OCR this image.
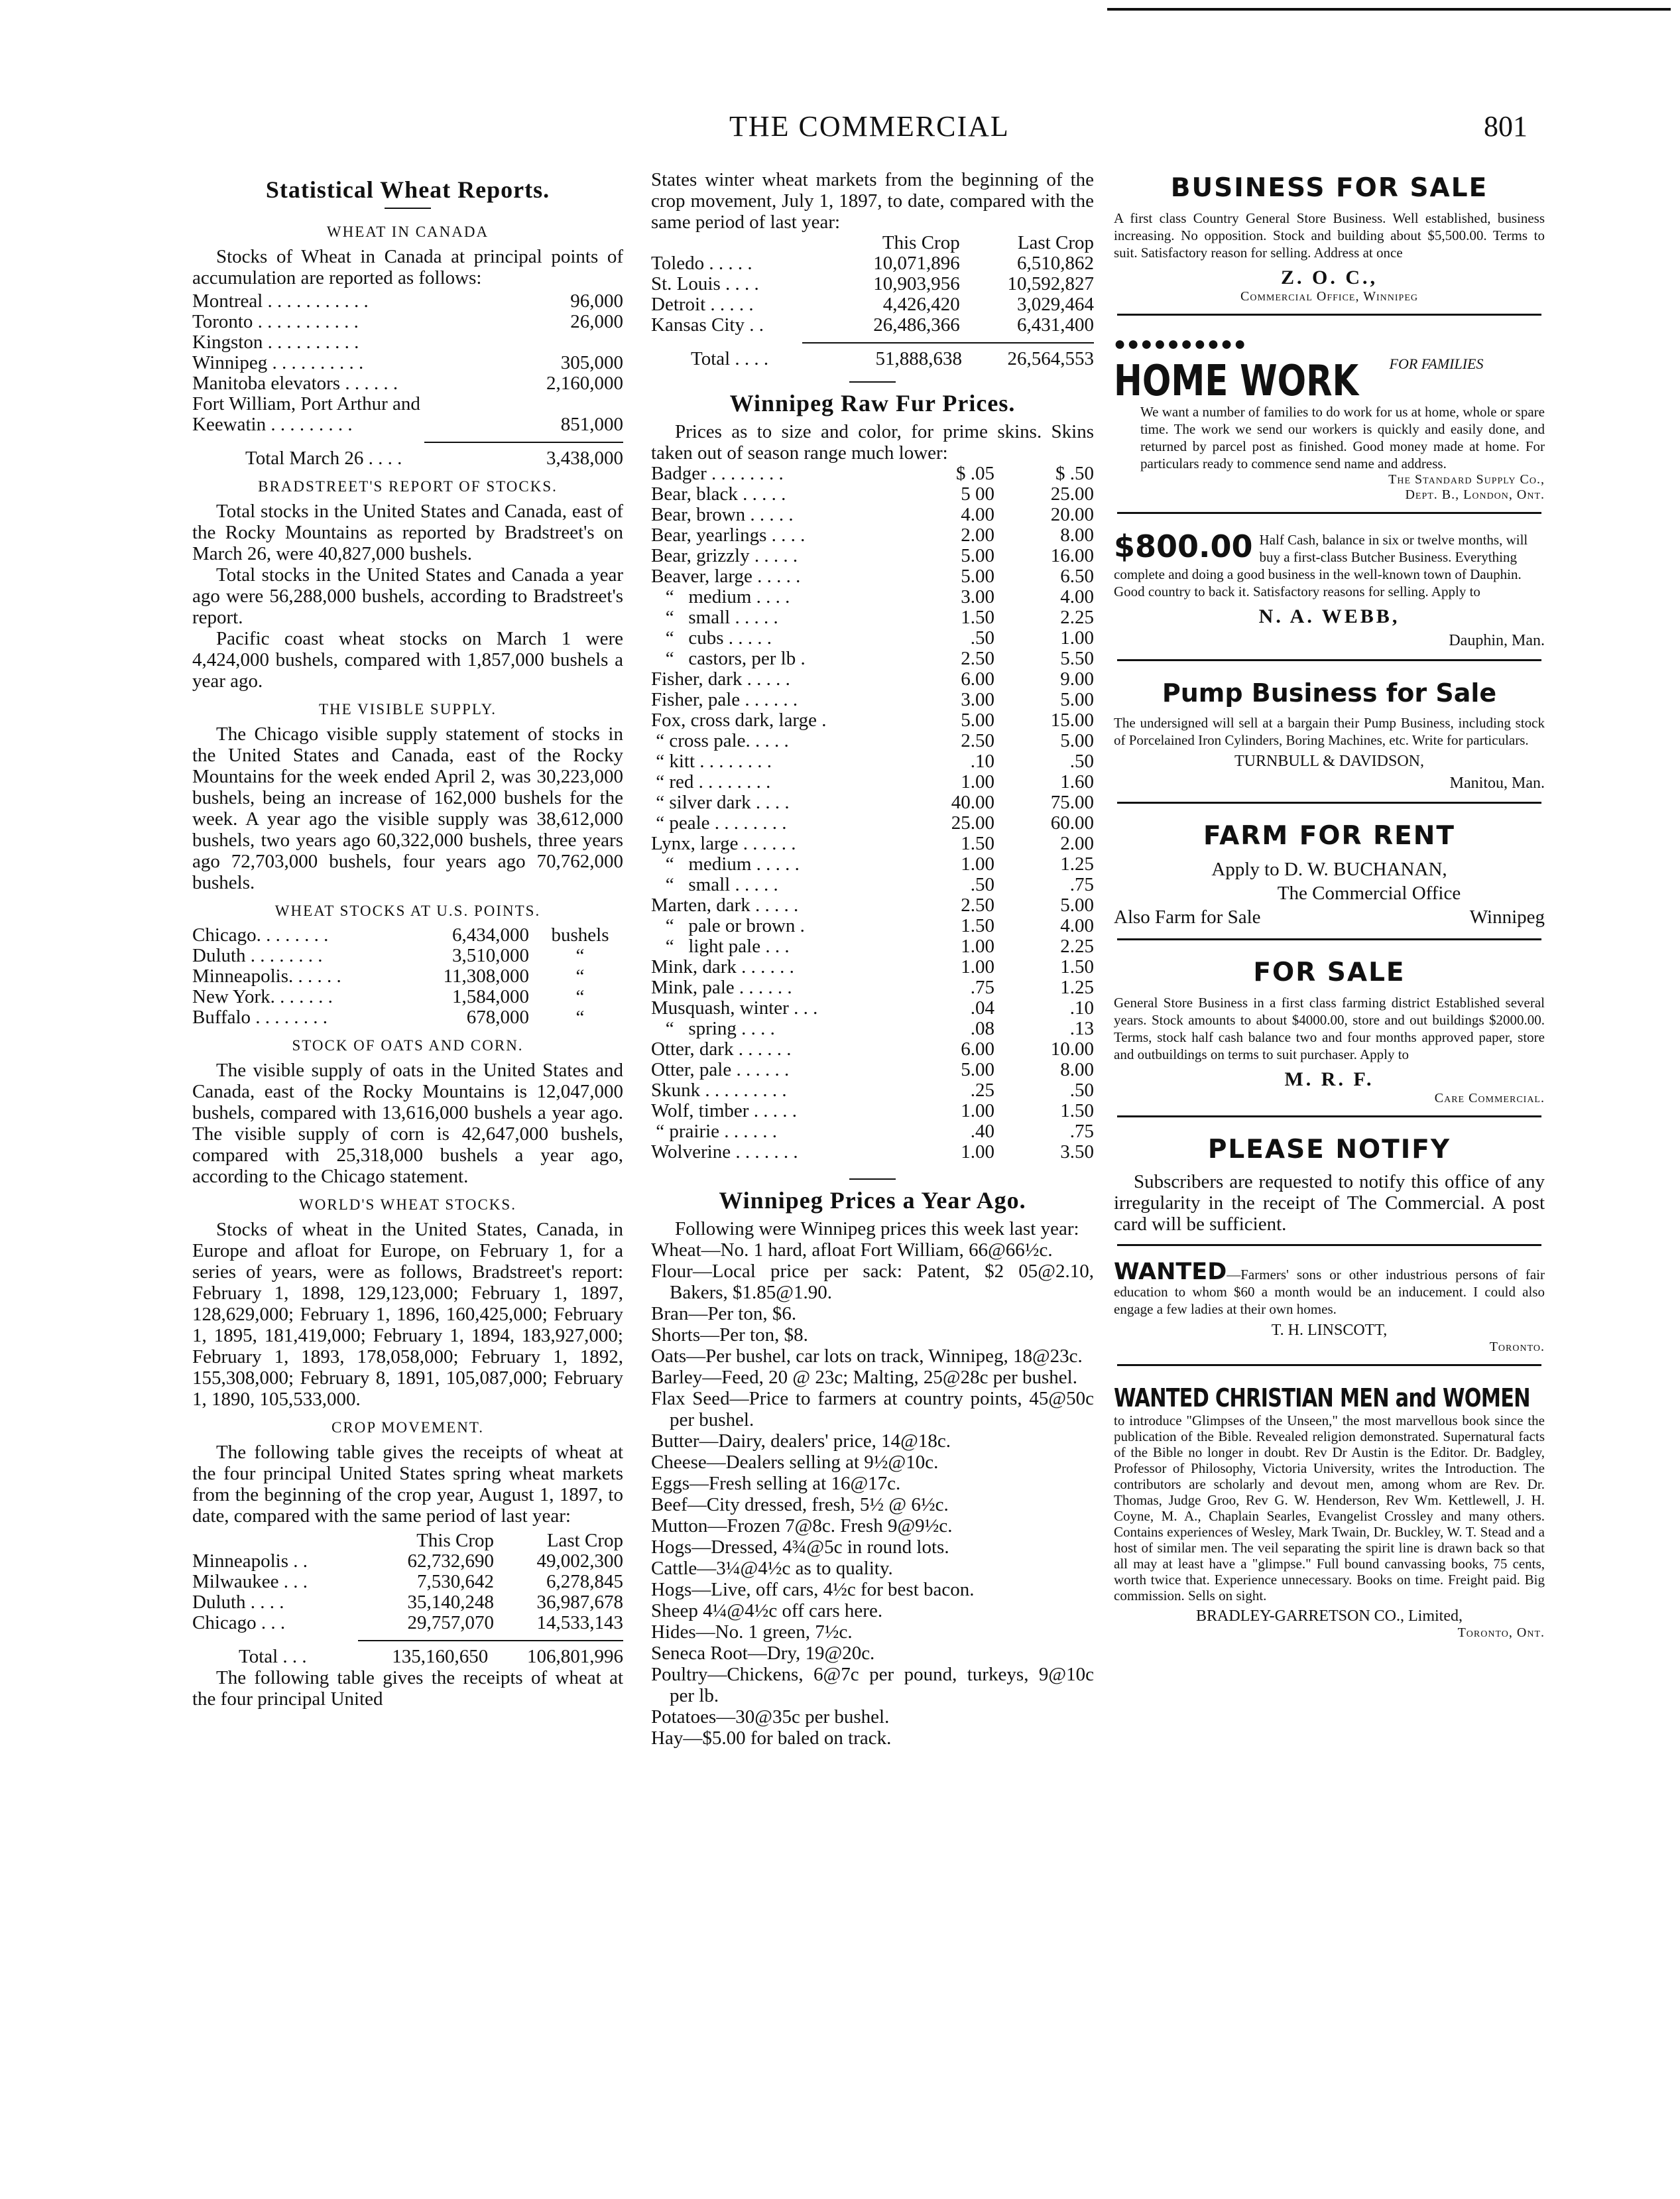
THE COMMERCIAL	801
Statistical Wheat Reports.
WHEAT IN CANADA

Stocks of Wheat in Canada at principal points of accumulation are reported as follows:

Montreal . . . . . . . . . . .	96,000
Toronto . . . . . . . . . . .	26,000
Kingston . . . . . . . . . .	
Winnipeg . . . . . . . . . .	305,000
Manitoba elevators . . . . . .	2,160,000
Fort William, Port Arthur and	
Keewatin . . . . . . . . .	851,000
Total March 26 . . . .	3,438,000
BRADSTREET'S REPORT OF STOCKS.

Total stocks in the United States and Canada, east of the Rocky Mountains as reported by Bradstreet's on March 26, were 40,827,000 bushels.

Total stocks in the United States and Canada a year ago were 56,288,000 bushels, according to Bradstreet's report.

Pacific coast wheat stocks on March 1 were 4,424,000 bushels, compared with 1,857,000 bushels a year ago.

THE VISIBLE SUPPLY.

The Chicago visible supply statement of stocks in the United States and Canada, east of the Rocky Mountains for the week ended April 2, was 30,223,000 bushels, being an increase of 162,000 bushels for the week. A year ago the visible supply was 38,612,000 bushels, two years ago 60,322,000 bushels, three years ago 72,703,000 bushels, four years ago 70,762,000 bushels.

WHEAT STOCKS AT U.S. POINTS.
Chicago. . . . . . . .	6,434,000	bushels
Duluth . . . . . . . .	3,510,000	“
Minneapolis. . . . . .	11,308,000	“
New York. . . . . . .	1,584,000	“
Buffalo . . . . . . . .	678,000	“
STOCK OF OATS AND CORN.

The visible supply of oats in the United States and Canada, east of the Rocky Mountains is 12,047,000 bushels, compared with 13,616,000 bushels a year ago. The visible supply of corn is 42,647,000 bushels, compared with 25,318,000 bushels a year ago, according to the Chicago statement.

WORLD'S WHEAT STOCKS.

Stocks of wheat in the United States, Canada, in Europe and afloat for Europe, on February 1, for a series of years, were as follows, Bradstreet's report: February 1, 1898, 129,123,000; February 1, 1897, 128,629,000; February 1, 1896, 160,425,000; February 1, 1895, 181,419,000; February 1, 1894, 183,927,000; February 1, 1893, 178,058,000; February 1, 1892, 155,308,000; February 8, 1891, 105,087,000; February 1, 1890, 105,533,000.

CROP MOVEMENT.

The following table gives the receipts of wheat at the four principal United States spring wheat markets from the beginning of the crop year, August 1, 1897, to date, compared with the same period of last year:

	This Crop	Last Crop
Minneapolis . .	62,732,690	49,002,300
Milwaukee . . .	7,530,642	6,278,845
Duluth . . . .	35,140,248	36,987,678
Chicago . . .	29,757,070	14,533,143
Total . . .	135,160,650	106,801,996

The following table gives the receipts of wheat at the four principal United

States winter wheat markets from the beginning of the crop movement, July 1, 1897, to date, compared with the same period of last year:

	This Crop	Last Crop
Toledo . . . . .	10,071,896	6,510,862
St. Louis . . . .	10,903,956	10,592,827
Detroit . . . . .	4,426,420	3,029,464
Kansas City . .	26,486,366	6,431,400
Total . . . .	51,888,638	26,564,553
Winnipeg Raw Fur Prices.

Prices as to size and color, for prime skins. Skins taken out of season range much lower:

Badger . . . . . . . .	$ .05	$ .50
Bear, black . . . . .	5 00	25.00
Bear, brown . . . . .	4.00	20.00
Bear, yearlings . . . .	2.00	8.00
Bear, grizzly . . . . .	5.00	16.00
Beaver, large . . . . .	5.00	6.50
“   medium . . . .	3.00	4.00
“   small . . . . .	1.50	2.25
“   cubs . . . . .	.50	1.00
“   castors, per lb .	2.50	5.50
Fisher, dark . . . . .	6.00	9.00
Fisher, pale . . . . . .	3.00	5.00
Fox, cross dark, large .	5.00	15.00
“ cross pale. . . . .	2.50	5.00
“ kitt . . . . . . . .	.10	.50
“ red . . . . . . . .	1.00	1.60
“ silver dark . . . .	40.00	75.00
“ peale . . . . . . . .	25.00	60.00
Lynx, large . . . . . .	1.50	2.00
“   medium . . . . .	1.00	1.25
“   small . . . . .	.50	.75
Marten, dark . . . . .	2.50	5.00
“   pale or brown .	1.50	4.00
“   light pale . . .	1.00	2.25
Mink, dark . . . . . .	1.00	1.50
Mink, pale . . . . . .	.75	1.25
Musquash, winter . . .	.04	.10
“   spring . . . .	.08	.13
Otter, dark . . . . . .	6.00	10.00
Otter, pale . . . . . .	5.00	8.00
Skunk . . . . . . . . .	.25	.50
Wolf, timber . . . . .	1.00	1.50
“ prairie . . . . . .	.40	.75
Wolverine . . . . . . .	1.00	3.50
Winnipeg Prices a Year Ago.

Following were Winnipeg prices this week last year:

Wheat—No. 1 hard, afloat Fort William, 66@66½c.

Flour—Local price per sack: Patent, $2 05@2.10, Bakers, $1.85@1.90.

Bran—Per ton, $6.

Shorts—Per ton, $8.

Oats—Per bushel, car lots on track, Winnipeg, 18@23c.

Barley—Feed, 20 @ 23c; Malting, 25@28c per bushel.

Flax Seed—Price to farmers at country points, 45@50c per bushel.

Butter—Dairy, dealers' price, 14@18c.

Cheese—Dealers selling at 9½@10c.

Eggs—Fresh selling at 16@17c.

Beef—City dressed, fresh, 5½ @ 6½c.

Mutton—Frozen 7@8c. Fresh 9@9½c.

Hogs—Dressed, 4¾@5c in round lots.

Cattle—3¼@4½c as to quality.

Hogs—Live, off cars, 4½c for best bacon.

Sheep 4¼@4½c off cars here.

Hides—No. 1 green, 7½c.

Seneca Root—Dry, 19@20c.

Poultry—Chickens, 6@7c per pound, turkeys, 9@10c per lb.

Potatoes—30@35c per bushel.

Hay—$5.00 for baled on track.

BUSINESS FOR SALE
A first class Country General Store Business. Well established, business increasing. No opposition. Stock and building about $5,500.00. Terms to suit. Satisfactory reason for selling. Address at once
Z. O. C.,
Commercial Office, Winnipeg
●●●●●●●●●●
HOME WORK FOR FAMILIES
We want a number of families to do work for us at home, whole or spare time. The work we send our workers is quickly and easily done, and returned by parcel post as finished. Good money made at home. For particulars ready to commence send name and address.
The Standard Supply Co.,
Dept. B., London, Ont.
$800.00 Half Cash, balance in six or twelve months, will buy a first-class Butcher Business. Everything complete and doing a good business in the well-known town of Dauphin. Good country to back it. Satisfactory reasons for selling. Apply to
N. A. WEBB,
Dauphin, Man.
Pump Business for Sale
The undersigned will sell at a bargain their Pump Business, including stock of Porcelained Iron Cylinders, Boring Machines, etc. Write for particulars.
TURNBULL & DAVIDSON,
Manitou, Man.
FARM FOR RENT
Apply to D. W. BUCHANAN,
The Commercial Office
Also Farm for Sale	Winnipeg
FOR SALE
General Store Business in a first class farming district Established several years. Stock amounts to about $4000.00, store and out buildings $2000.00. Terms, stock half cash balance two and four months approved paper, store and outbuildings on terms to suit purchaser. Apply to
M. R. F.
Care Commercial.
PLEASE NOTIFY

Subscribers are requested to notify this office of any irregularity in the receipt of The Commercial. A post card will be sufficient.

WANTED—Farmers' sons or other industrious persons of fair education to whom $60 a month would be an inducement. I could also engage a few ladies at their own homes.
T. H. LINSCOTT,
Toronto.
WANTED CHRISTIAN MEN and WOMEN
to introduce "Glimpses of the Unseen," the most marvellous book since the publication of the Bible. Revealed religion demonstrated. Supernatural facts of the Bible no longer in doubt. Rev Dr Austin is the Editor. Dr. Badgley, Professor of Philosophy, Victoria University, writes the Introduction. The contributors are scholarly and devout men, among whom are Rev. Dr. Thomas, Judge Groo, Rev G. W. Henderson, Rev Wm. Kettlewell, J. H. Coyne, M. A., Chaplain Searles, Evangelist Crossley and many others. Contains experiences of Wesley, Mark Twain, Dr. Buckley, W. T. Stead and a host of similar men. The veil separating the spirit line is drawn back so that all may at least have a "glimpse." Full bound canvassing books, 75 cents, worth twice that. Experience unnecessary. Books on time. Freight paid. Big commission. Sells on sight.
BRADLEY-GARRETSON CO., Limited,
Toronto, Ont.
